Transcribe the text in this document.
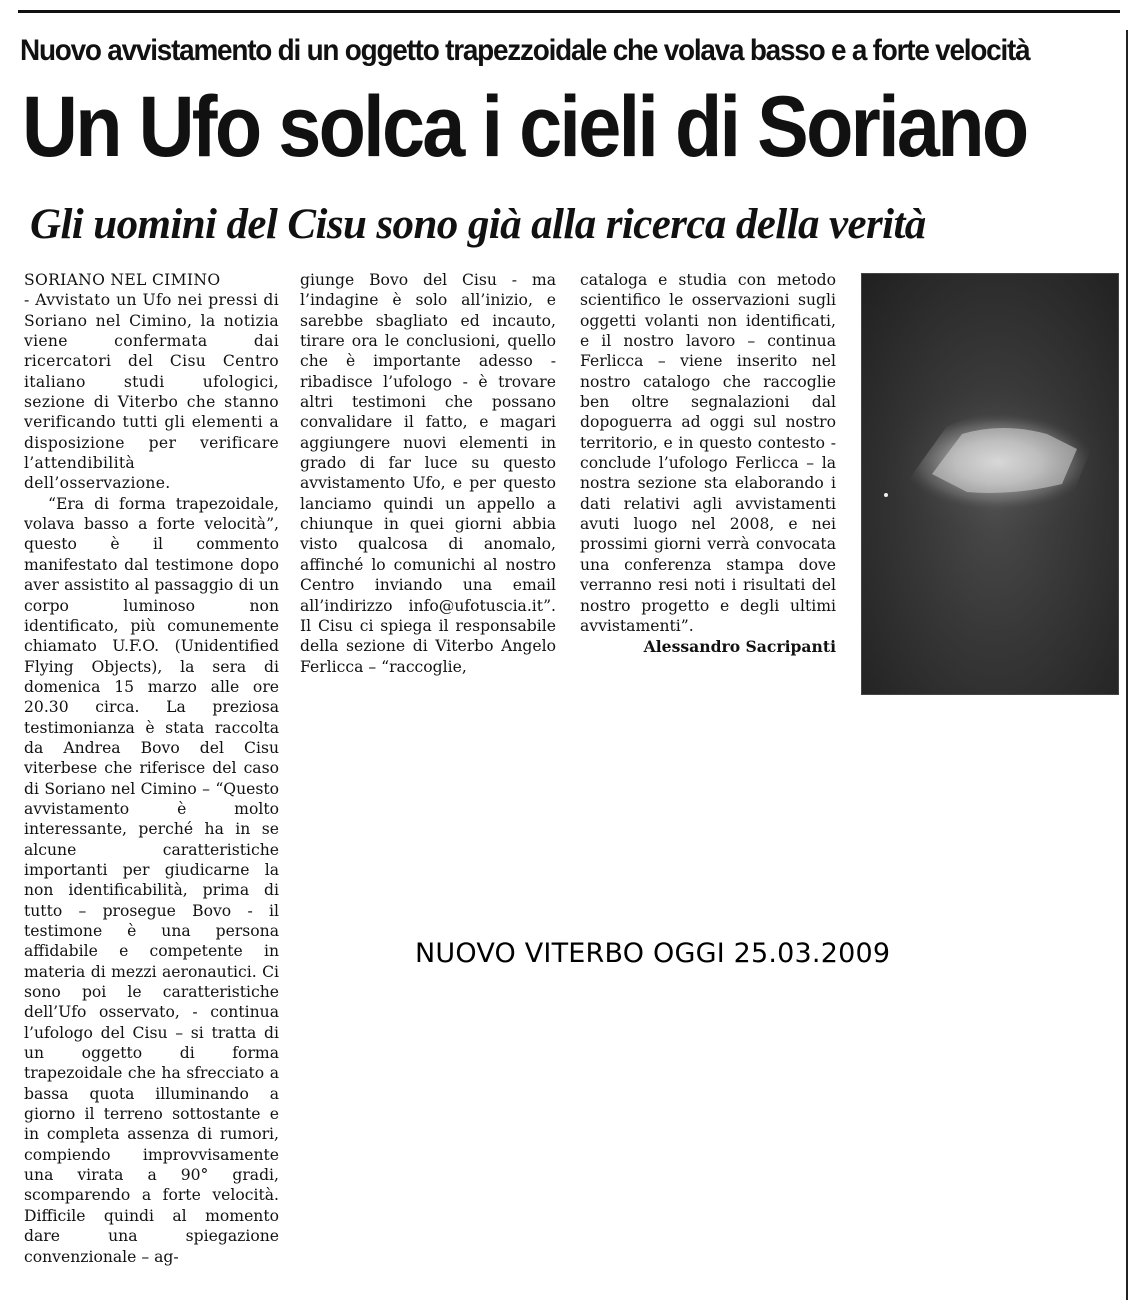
Nuovo avvistamento di un oggetto trapezzoidale che volava basso e a forte velocità
Un Ufo solca i cieli di Soriano
Gli uomini del Cisu sono già alla ricerca della verità

SORIANO NEL CIMINO
- Avvistato un Ufo nei pressi di Soriano nel Cimino, la notizia viene confermata dai ricercatori del Cisu Centro italiano studi ufologici, sezione di Viterbo che stanno verificando tutti gli elementi a disposizione per verificare l’attendibilità dell’osservazione.

“Era di forma trapezoidale, volava basso a forte velocità”, questo è il commento manifestato dal testimone dopo aver assistito al passaggio di un corpo luminoso non identificato, più comunemente chiamato U.F.O. (Unidentified Flying Objects), la sera di domenica 15 marzo alle ore 20.30 circa. La preziosa testimonianza è stata raccolta da Andrea Bovo del Cisu viterbese che riferisce del caso di Soriano nel Cimino – “Questo avvistamento è molto interessante, perché ha in se alcune caratteristiche importanti per giudicarne la non identificabilità, prima di tutto – prosegue Bovo - il testimone è una persona affidabile e competente in materia di mezzi aeronautici. Ci sono poi le caratteristiche dell’Ufo osservato, - continua l’ufologo del Cisu – si tratta di un oggetto di forma trapezoidale che ha sfrecciato a bassa quota illuminando a giorno il terreno sottostante e in completa assenza di rumori, compiendo improvvisamente una virata a 90° gradi, scomparendo a forte velocità. Difficile quindi al momento dare una spiegazione convenzionale – ag-

giunge Bovo del Cisu - ma l’indagine è solo all’inizio, e sarebbe sbagliato ed incauto, tirare ora le conclusioni, quello che è importante adesso - ribadisce l’ufologo - è trovare altri testimoni che possano convalidare il fatto, e magari aggiungere nuovi elementi in grado di far luce su questo avvistamento Ufo, e per questo lanciamo quindi un appello a chiunque in quei giorni abbia visto qualcosa di anomalo, affinché lo comunichi al nostro Centro inviando una email all’indirizzo info@ufotuscia.it”. Il Cisu ci spiega il responsabile della sezione di Viterbo Angelo Ferlicca – “raccoglie,

cataloga e studia con metodo scientifico le osservazioni sugli oggetti volanti non identificati, e il nostro lavoro – continua Ferlicca – viene inserito nel nostro catalogo che raccoglie ben oltre segnalazioni dal dopoguerra ad oggi sul nostro territorio, e in questo contesto - conclude l’ufologo Ferlicca – la nostra sezione sta elaborando i dati relativi agli avvistamenti avuti luogo nel 2008, e nei prossimi giorni verrà convocata una conferenza stampa dove verranno resi noti i risultati del nostro progetto e degli ultimi avvistamenti”.

Alessandro Sacripanti
NUOVO VITERBO OGGI 25.03.2009
